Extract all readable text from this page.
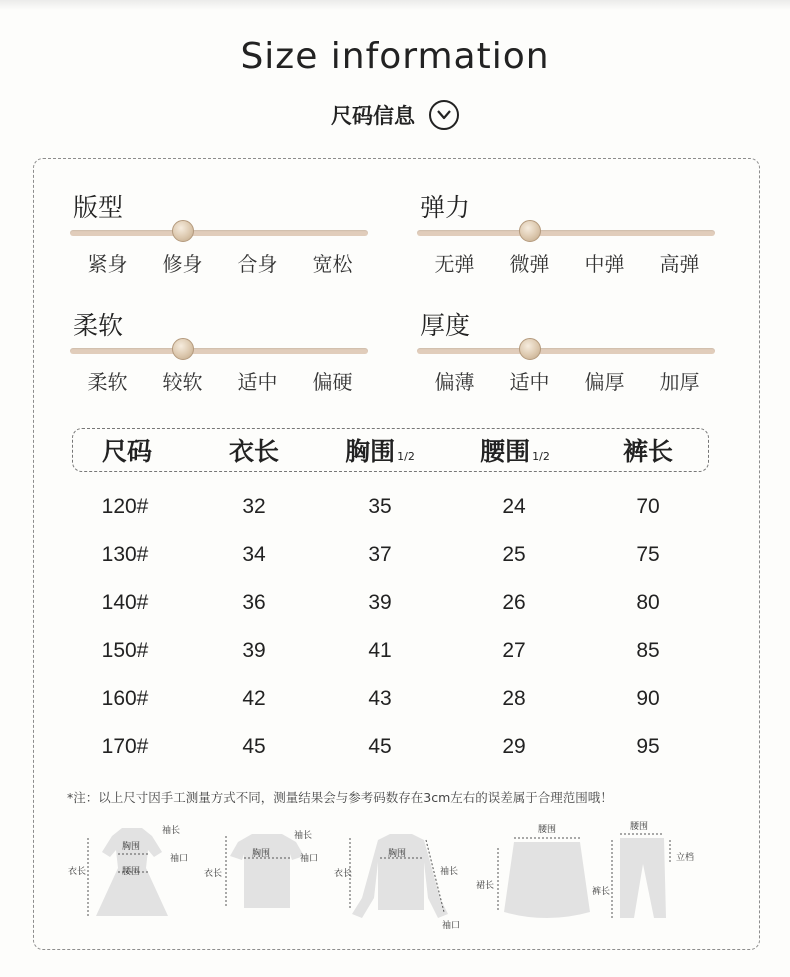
Size information
尺码信息
版型
紧身	修身	合身	宽松
弹力
无弹	微弹	中弹	高弹
柔软
柔软	较软	适中	偏硬
厚度
偏薄	适中	偏厚	加厚
尺码	衣长	胸围 1/2	腰围 1/2	裤长
120#	32	35	24	70
130#	34	37	25	75
140#	36	39	26	80
150#	39	41	27	85
160#	42	43	28	90
170#	45	45	29	95
*注：以上尺寸因手工测量方式不同，测量结果会与参考码数存在3cm左右的误差属于合理范围哦！
袖长
胸围
袖口
衣长	腰围
袖长
胸围	袖口
衣长
胸围
衣长	袖长
袖口
腰围
裙长
腰围
裤长
立档
